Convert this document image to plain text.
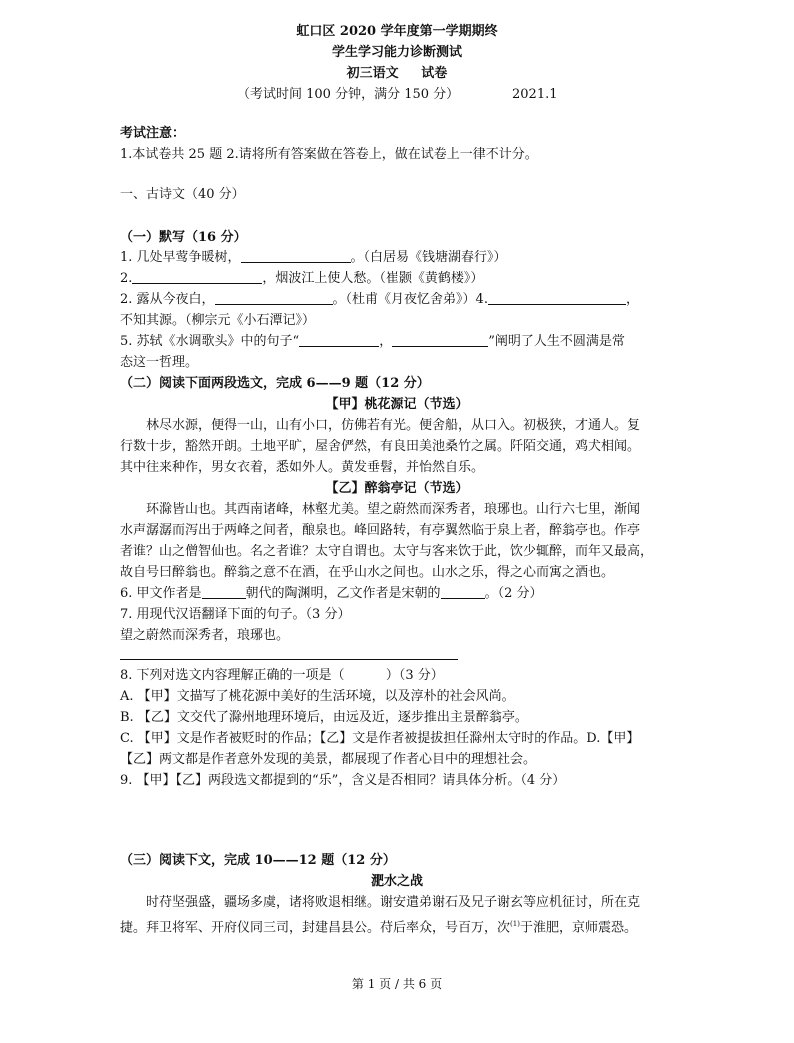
虹口区 2020 学年度第一学期期终
学生学习能力诊断测试
初三语文     试卷
（考试时间 100 分钟，满分 150 分）	2021.1
考试注意：
1.本试卷共 25 题 2.请将所有答案做在答卷上，做在试卷上一律不计分。
一、古诗文（40 分）
（一）默写（16 分）
1. 几处早莺争暖树，	。（白居易《钱塘湖春行》）
2.	，烟波江上使人愁。（崔颢《黄鹤楼》）
2. 露从今夜白，	。（杜甫《月夜忆舍弟》）4.	，
不知其源。（柳宗元《小石潭记》）
5. 苏轼《水调歌头》中的句子“	，	”阐明了人生不圆满是常
态这一哲理。
（二）阅读下面两段选文，完成 6——9 题（12 分）
【甲】桃花源记（节选）
林尽水源，便得一山，山有小口，仿佛若有光。便舍船，从口入。初极狭，才通人。复
行数十步，豁然开朗。土地平旷，屋舍俨然，有良田美池桑竹之属。阡陌交通，鸡犬相闻。
其中往来种作，男女衣着，悉如外人。黄发垂髫，并怡然自乐。
【乙】醉翁亭记（节选）
环滁皆山也。其西南诸峰，林壑尤美。望之蔚然而深秀者，琅琊也。山行六七里，渐闻
水声潺潺而泻出于两峰之间者，酿泉也。峰回路转，有亭翼然临于泉上者，醉翁亭也。作亭
者谁？山之僧智仙也。名之者谁？太守自谓也。太守与客来饮于此，饮少辄醉，而年又最高，
故自号曰醉翁也。醉翁之意不在酒，在乎山水之间也。山水之乐，得之心而寓之酒也。
6. 甲文作者是	朝代的陶渊明，乙文作者是宋朝的	。（2 分）
7. 用现代汉语翻译下面的句子。（3 分）
望之蔚然而深秀者，琅琊也。
8. 下列对选文内容理解正确的一项是（          ）（3 分）
A. 【甲】文描写了桃花源中美好的生活环境，以及淳朴的社会风尚。
B. 【乙】文交代了滁州地理环境后，由远及近，逐步推出主景醉翁亭。
C. 【甲】文是作者被贬时的作品；【乙】文是作者被提拔担任滁州太守时的作品。D.【甲】
【乙】两文都是作者意外发现的美景，都展现了作者心目中的理想社会。
9. 【甲】【乙】两段选文都提到的“乐”，含义是否相同？请具体分析。（4 分）
（三）阅读下文，完成 10——12 题（12 分）
淝水之战
时苻坚强盛，疆场多虞，诸将败退相继。谢安遣弟谢石及兄子谢玄等应机征讨，所在克
捷。拜卫将军、开府仪同三司，封建昌县公。苻后率众，号百万，次$^{(1)}$于淮肥，京师震恐。
第 1 页 / 共 6 页
